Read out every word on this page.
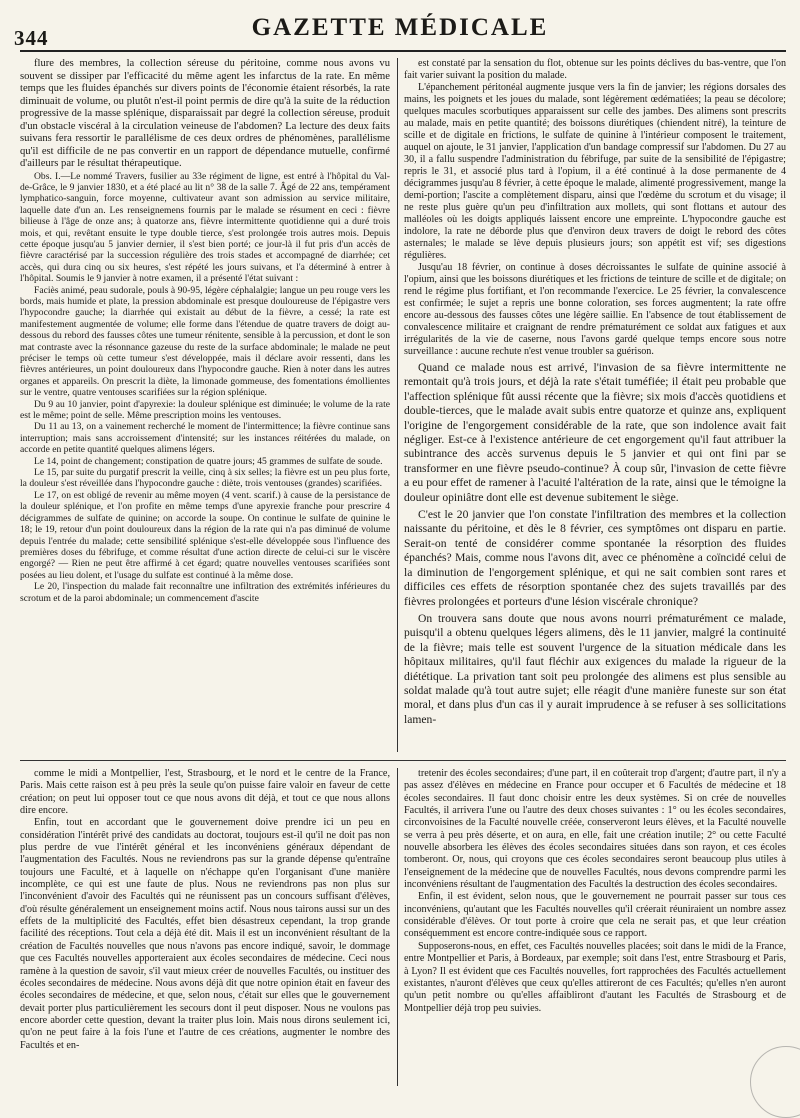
344	GAZETTE MÉDICALE

flure des membres, la collection séreuse du péritoine, comme nous avons vu souvent se dissiper par l'efficacité du même agent les infarctus de la rate. En même temps que les fluides épanchés sur divers points de l'économie étaient résorbés, la rate diminuait de volume, ou plutôt n'est-il point permis de dire qu'à la suite de la réduction progressive de la masse splénique, disparaissait par degré la collection séreuse, produit d'un obstacle viscéral à la circulation veineuse de l'abdomen? La lecture des deux faits suivans fera ressortir le parallélisme de ces deux ordres de phénomènes, parallélisme qu'il est difficile de ne pas convertir en un rapport de dépendance mutuelle, confirmé d'ailleurs par le résultat thérapeutique.

Obs. I.—Le nommé Travers, fusilier au 33e régiment de ligne, est entré à l'hôpital du Val-de-Grâce, le 9 janvier 1830, et a été placé au lit n° 38 de la salle 7. Âgé de 22 ans, tempérament lymphatico-sanguin, force moyenne, cultivateur avant son admission au service militaire, laquelle date d'un an. Les renseignemens fournis par le malade se résument en ceci : fièvre bilieuse à l'âge de onze ans; à quatorze ans, fièvre intermittente quotidienne qui a duré trois mois, et qui, revêtant ensuite le type double tierce, s'est prolongée trois autres mois. Depuis cette époque jusqu'au 5 janvier dernier, il s'est bien porté; ce jour-là il fut pris d'un accès de fièvre caractérisé par la succession régulière des trois stades et accompagné de diarrhée; cet accès, qui dura cinq ou six heures, s'est répété les jours suivans, et l'a déterminé à entrer à l'hôpital. Soumis le 9 janvier à notre examen, il a présenté l'état suivant :

Faciès animé, peau sudorale, pouls à 90-95, légère céphalalgie; langue un peu rouge vers les bords, mais humide et plate, la pression abdominale est presque douloureuse de l'épigastre vers l'hypocondre gauche; la diarrhée qui existait au début de la fièvre, a cessé; la rate est manifestement augmentée de volume; elle forme dans l'étendue de quatre travers de doigt au-dessous du rebord des fausses côtes une tumeur rénitente, sensible à la percussion, et dont le son mat contraste avec la résonnance gazeuse du reste de la surface abdominale; le malade ne peut préciser le temps où cette tumeur s'est développée, mais il déclare avoir ressenti, dans les fièvres antérieures, un point douloureux dans l'hypocondre gauche. Rien à noter dans les autres organes et appareils. On prescrit la diète, la limonade gommeuse, des fomentations émollientes sur le ventre, quatre ventouses scarifiées sur la région splénique.

Du 9 au 10 janvier, point d'apyrexie: la douleur splénique est diminuée; le volume de la rate est le même; point de selle. Même prescription moins les ventouses.

Du 11 au 13, on a vainement recherché le moment de l'intermittence; la fièvre continue sans interruption; mais sans accroissement d'intensité; sur les instances réitérées du malade, on accorde en petite quantité quelques alimens légers.

Le 14, point de changement; constipation de quatre jours; 45 grammes de sulfate de soude.

Le 15, par suite du purgatif prescrit la veille, cinq à six selles; la fièvre est un peu plus forte, la douleur s'est réveillée dans l'hypocondre gauche : diète, trois ventouses (grandes) scarifiées.

Le 17, on est obligé de revenir au même moyen (4 vent. scarif.) à cause de la persistance de la douleur splénique, et l'on profite en même temps d'une apyrexie franche pour prescrire 4 décigrammes de sulfate de quinine; on accorde la soupe. On continue le sulfate de quinine le 18; le 19, retour d'un point douloureux dans la région de la rate qui n'a pas diminué de volume depuis l'entrée du malade; cette sensibilité splénique s'est-elle développée sous l'influence des premières doses du fébrifuge, et comme résultat d'une action directe de celui-ci sur le viscère engorgé? — Rien ne peut être affirmé à cet égard; quatre nouvelles ventouses scarifiées sont posées au lieu dolent, et l'usage du sulfate est continué à la même dose.

Le 20, l'inspection du malade fait reconnaître une infiltration des extrémités inférieures du scrotum et de la paroi abdominale; un commencement d'ascite

est constaté par la sensation du flot, obtenue sur les points déclives du bas-ventre, que l'on fait varier suivant la position du malade.

L'épanchement péritonéal augmente jusque vers la fin de janvier; les régions dorsales des mains, les poignets et les joues du malade, sont légèrement œdématiées; la peau se décolore; quelques macules scorbutiques apparaissent sur celle des jambes. Des alimens sont prescrits au malade, mais en petite quantité; des boissons diurétiques (chiendent nitré), la teinture de scille et de digitale en frictions, le sulfate de quinine à l'intérieur composent le traitement, auquel on ajoute, le 31 janvier, l'application d'un bandage compressif sur l'abdomen. Du 27 au 30, il a fallu suspendre l'administration du fébrifuge, par suite de la sensibilité de l'épigastre; repris le 31, et associé plus tard à l'opium, il a été continué à la dose permanente de 4 décigrammes jusqu'au 8 février, à cette époque le malade, alimenté progressivement, mange la demi-portion; l'ascite a complètement disparu, ainsi que l'œdème du scrotum et du visage; il ne reste plus guère qu'un peu d'infiltration aux mollets, qui sont flottans et autour des malléoles où les doigts appliqués laissent encore une empreinte. L'hypocondre gauche est indolore, la rate ne déborde plus que d'environ deux travers de doigt le rebord des côtes asternales; le malade se lève depuis plusieurs jours; son appétit est vif; ses digestions régulières.

Jusqu'au 18 février, on continue à doses décroissantes le sulfate de quinine associé à l'opium, ainsi que les boissons diurétiques et les frictions de teinture de scille et de digitale; on rend le régime plus fortifiant, et l'on recommande l'exercice. Le 25 février, la convalescence est confirmée; le sujet a repris une bonne coloration, ses forces augmentent; la rate offre encore au-dessous des fausses côtes une légère saillie. En l'absence de tout établissement de convalescence militaire et craignant de rendre prématurément ce soldat aux fatigues et aux irrégularités de la vie de caserne, nous l'avons gardé quelque temps encore sous notre surveillance : aucune rechute n'est venue troubler sa guérison.

Quand ce malade nous est arrivé, l'invasion de sa fièvre intermittente ne remontait qu'à trois jours, et déjà la rate s'était tuméfiée; il était peu probable que l'affection splénique fût aussi récente que la fièvre; six mois d'accès quotidiens et double-tierces, que le malade avait subis entre quatorze et quinze ans, expliquent l'origine de l'engorgement considérable de la rate, que son indolence avait fait négliger. Est-ce à l'existence antérieure de cet engorgement qu'il faut attribuer la subintrance des accès survenus depuis le 5 janvier et qui ont fini par se transformer en une fièvre pseudo-continue? À coup sûr, l'invasion de cette fièvre a eu pour effet de ramener à l'acuité l'altération de la rate, ainsi que le témoigne la douleur opiniâtre dont elle est devenue subitement le siège.

C'est le 20 janvier que l'on constate l'infiltration des membres et la collection naissante du péritoine, et dès le 8 février, ces symptômes ont disparu en partie. Serait-on tenté de considérer comme spontanée la résorption des fluides épanchés? Mais, comme nous l'avons dit, avec ce phénomène a coïncidé celui de la diminution de l'engorgement splénique, et qui ne sait combien sont rares et difficiles ces effets de résorption spontanée chez des sujets travaillés par des fièvres prolongées et porteurs d'une lésion viscérale chronique?

On trouvera sans doute que nous avons nourri prématurément ce malade, puisqu'il a obtenu quelques légers alimens, dès le 11 janvier, malgré la continuité de la fièvre; mais telle est souvent l'urgence de la situation médicale dans les hôpitaux militaires, qu'il faut fléchir aux exigences du malade la rigueur de la diététique. La privation tant soit peu prolongée des alimens est plus sensible au soldat malade qu'à tout autre sujet; elle réagit d'une manière funeste sur son état moral, et dans plus d'un cas il y aurait imprudence à se refuser à ses sollicitations lamen-

comme le midi a Montpellier, l'est, Strasbourg, et le nord et le centre de la France, Paris. Mais cette raison est à peu près la seule qu'on puisse faire valoir en faveur de cette création; on peut lui opposer tout ce que nous avons dit déjà, et tout ce que nous allons dire encore.

Enfin, tout en accordant que le gouvernement doive prendre ici un peu en considération l'intérêt privé des candidats au doctorat, toujours est-il qu'il ne doit pas non plus perdre de vue l'intérêt général et les inconvéniens généraux dépendant de l'augmentation des Facultés. Nous ne reviendrons pas sur la grande dépense qu'entraîne toujours une Faculté, et à laquelle on n'échappe qu'en l'organisant d'une manière incomplète, ce qui est une faute de plus. Nous ne reviendrons pas non plus sur l'inconvénient d'avoir des Facultés qui ne réunissent pas un concours suffisant d'élèves, d'où résulte généralement un enseignement moins actif. Nous nous tairons aussi sur un des effets de la multiplicité des Facultés, effet bien désastreux cependant, la trop grande facilité des réceptions. Tout cela a déjà été dit. Mais il est un inconvénient résultant de la création de Facultés nouvelles que nous n'avons pas encore indiqué, savoir, le dommage que ces Facultés nouvelles apporteraient aux écoles secondaires de médecine. Ceci nous ramène à la question de savoir, s'il vaut mieux créer de nouvelles Facultés, ou instituer des écoles secondaires de médecine. Nous avons déjà dit que notre opinion était en faveur des écoles secondaires de médecine, et que, selon nous, c'était sur elles que le gouvernement devait porter plus particulièrement les secours dont il peut disposer. Nous ne voulons pas encore aborder cette question, devant la traiter plus loin. Mais nous dirons seulement ici, qu'on ne peut faire à la fois l'une et l'autre de ces créations, augmenter le nombre des Facultés et en-

tretenir des écoles secondaires; d'une part, il en coûterait trop d'argent; d'autre part, il n'y a pas assez d'élèves en médecine en France pour occuper et 6 Facultés de médecine et 18 écoles secondaires. Il faut donc choisir entre les deux systèmes. Si on crée de nouvelles Facultés, il arrivera l'une ou l'autre des deux choses suivantes : 1° ou les écoles secondaires, circonvoisines de la Faculté nouvelle créée, conserveront leurs élèves, et la Faculté nouvelle se verra à peu près déserte, et on aura, en elle, fait une création inutile; 2° ou cette Faculté nouvelle absorbera les élèves des écoles secondaires situées dans son rayon, et ces écoles tomberont. Or, nous, qui croyons que ces écoles secondaires seront beaucoup plus utiles à l'enseignement de la médecine que de nouvelles Facultés, nous devons comprendre parmi les inconvéniens résultant de l'augmentation des Facultés la destruction des écoles secondaires.

Enfin, il est évident, selon nous, que le gouvernement ne pourrait passer sur tous ces inconvéniens, qu'autant que les Facultés nouvelles qu'il créerait réuniraient un nombre assez considérable d'élèves. Or tout porte à croire que cela ne serait pas, et que leur création conséquemment est encore contre-indiquée sous ce rapport.

Supposerons-nous, en effet, ces Facultés nouvelles placées; soit dans le midi de la France, entre Montpellier et Paris, à Bordeaux, par exemple; soit dans l'est, entre Strasbourg et Paris, à Lyon? Il est évident que ces Facultés nouvelles, fort rapprochées des Facultés actuellement existantes, n'auront d'élèves que ceux qu'elles attireront de ces Facultés; qu'elles n'en auront qu'un petit nombre ou qu'elles affaibliront d'autant les Facultés de Strasbourg et de Montpellier déjà trop peu suivies.
